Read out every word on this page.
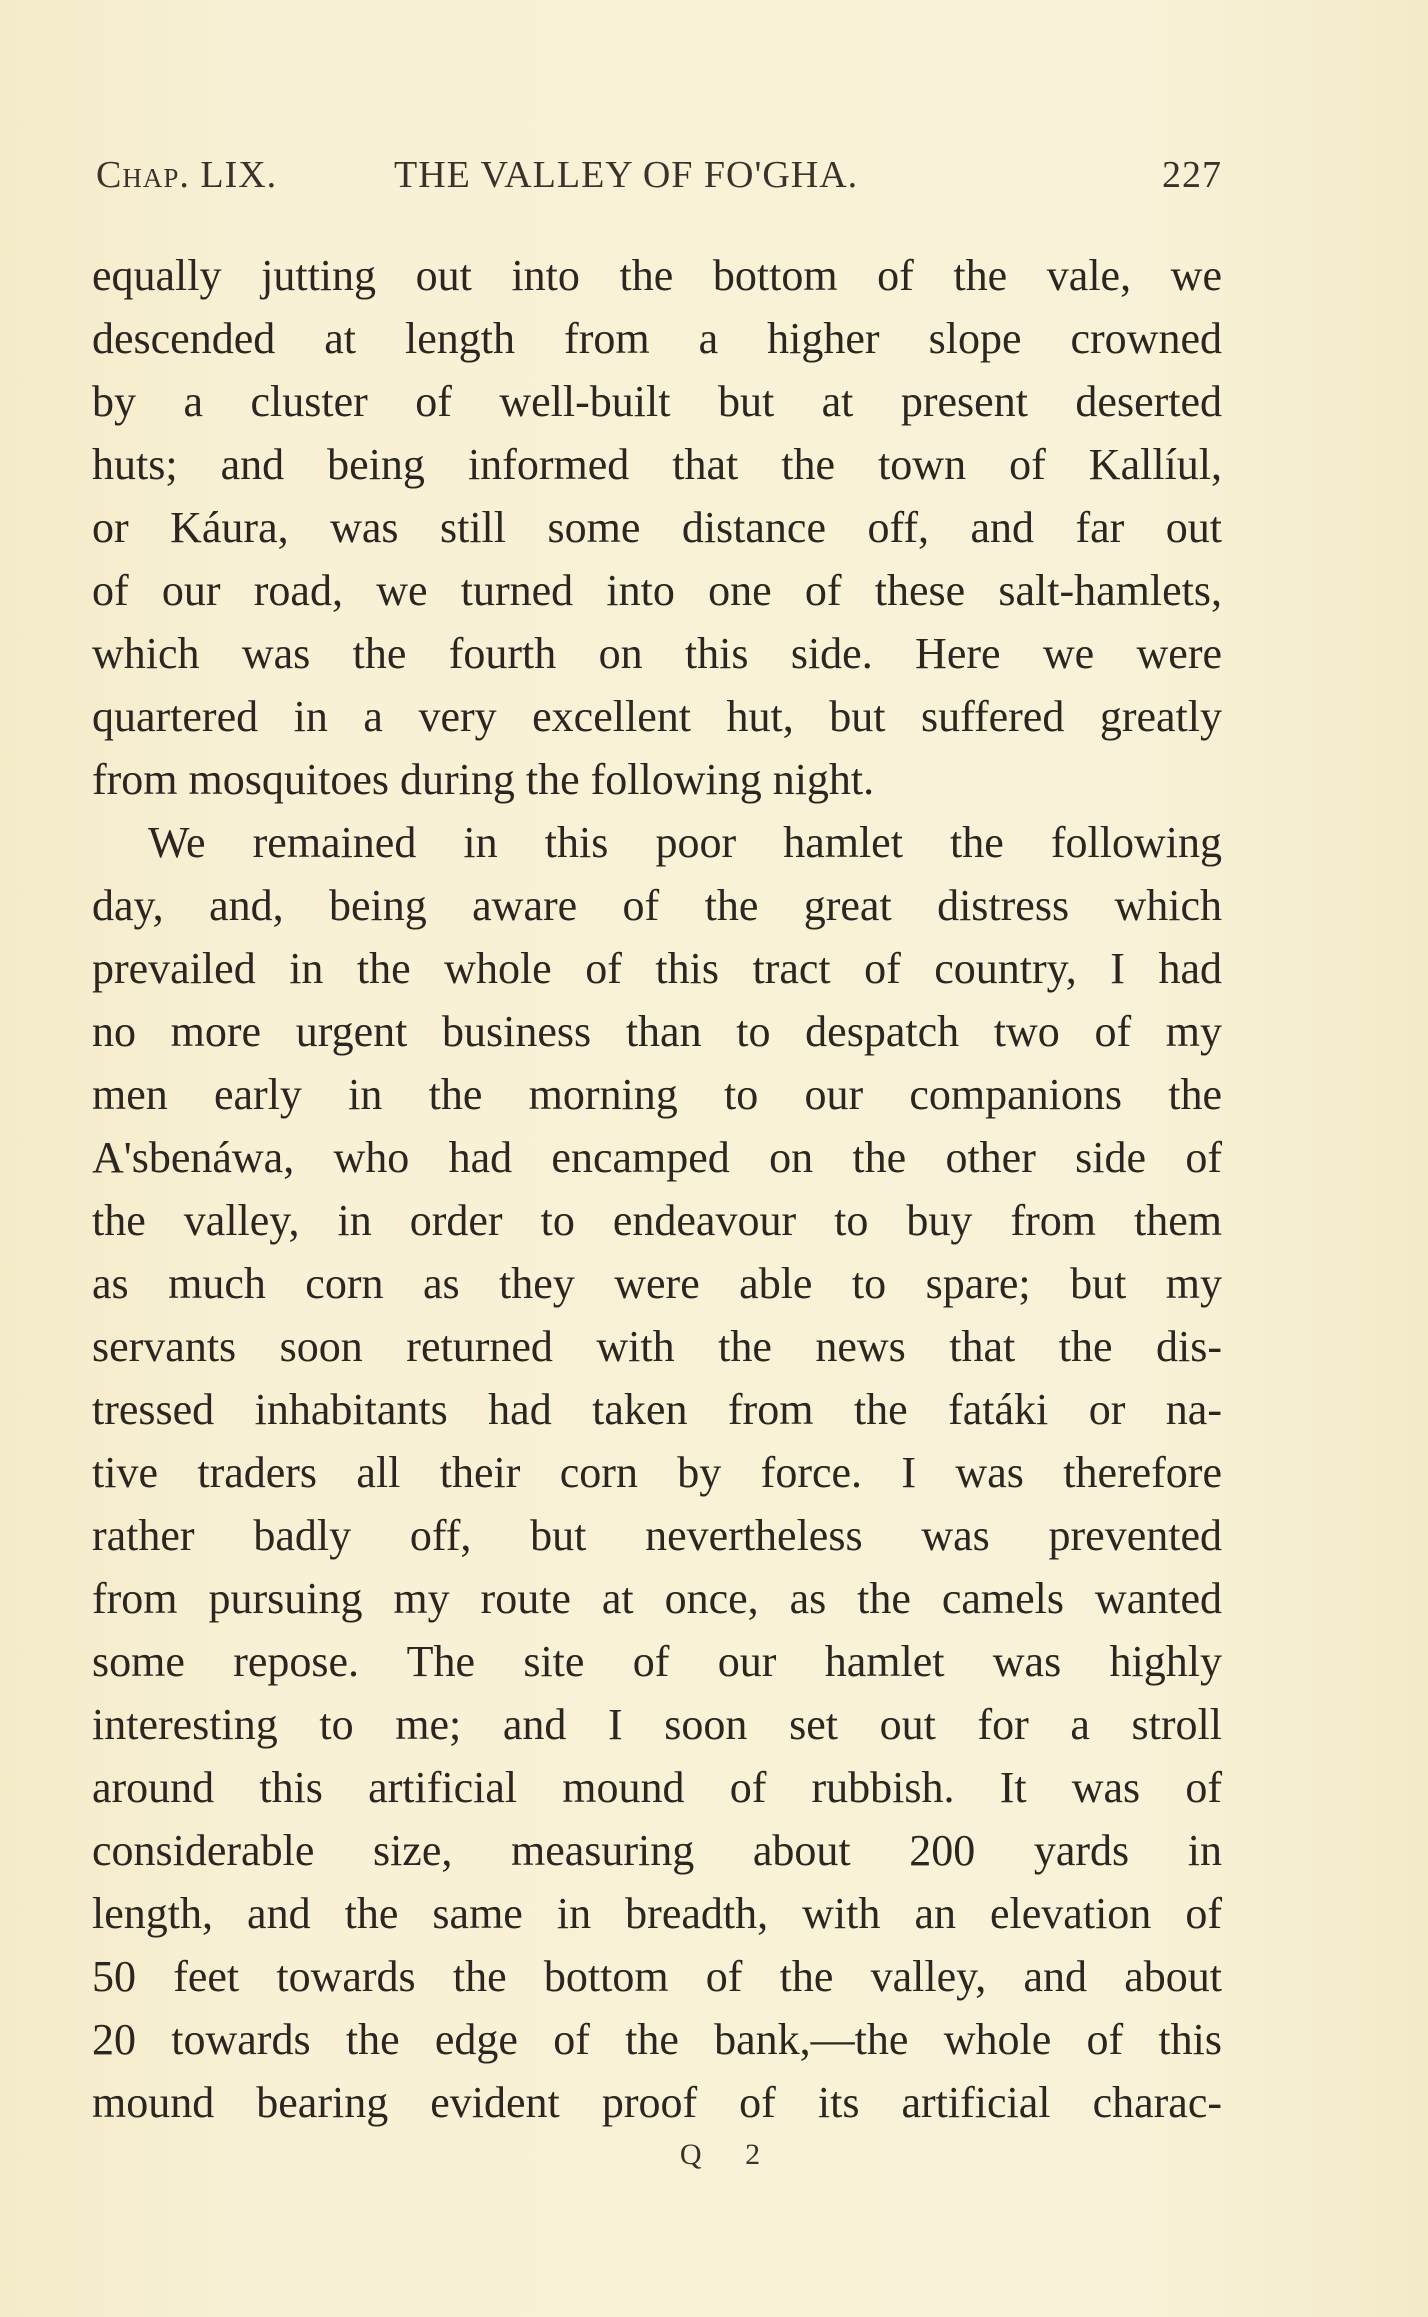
Chap. LIX.	THE VALLEY OF FO'GHA.	227
equally jutting out into the bottom of the vale, we
descended at length from a higher slope crowned
by a cluster of well-built but at present deserted
huts; and being informed that the town of Kallíul,
or Káura, was still some distance off, and far out
of our road, we turned into one of these salt-hamlets,
which was the fourth on this side. Here we were
quartered in a very excellent hut, but suffered greatly
from mosquitoes during the following night.
We remained in this poor hamlet the following
day, and, being aware of the great distress which
prevailed in the whole of this tract of country, I had
no more urgent business than to despatch two of my
men early in the morning to our companions the
A'sbenáwa, who had encamped on the other side of
the valley, in order to endeavour to buy from them
as much corn as they were able to spare; but my
servants soon returned with the news that the dis-
tressed inhabitants had taken from the fatáki or na-
tive traders all their corn by force. I was therefore
rather badly off, but nevertheless was prevented
from pursuing my route at once, as the camels wanted
some repose. The site of our hamlet was highly
interesting to me; and I soon set out for a stroll
around this artificial mound of rubbish. It was of
considerable size, measuring about 200 yards in
length, and the same in breadth, with an elevation of
50 feet towards the bottom of the valley, and about
20 towards the edge of the bank,—the whole of this
mound bearing evident proof of its artificial charac-
Q 2
